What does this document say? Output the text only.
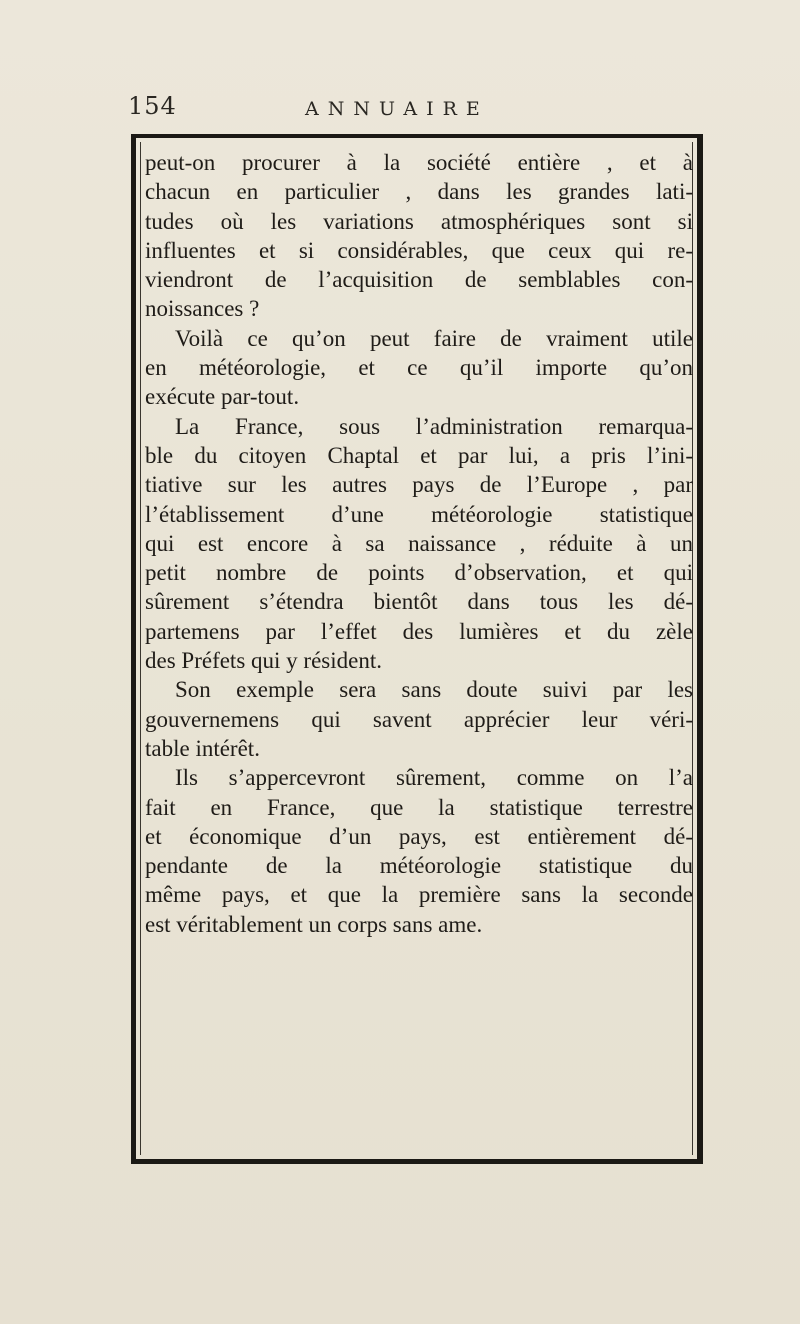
154	ANNUAIRE
peut-on procurer à la société entière , et à
chacun en particulier , dans les grandes lati-
tudes où les variations atmosphériques sont si
influentes et si considérables, que ceux qui re-
viendront de l’acquisition de semblables con-
noissances ?
Voilà ce qu’on peut faire de vraiment utile
en météorologie, et ce qu’il importe qu’on
exécute par-tout.
La France, sous l’administration remarqua-
ble du citoyen Chaptal et par lui, a pris l’ini-
tiative sur les autres pays de l’Europe , par
l’établissement d’une météorologie statistique
qui est encore à sa naissance , réduite à un
petit nombre de points d’observation, et qui
sûrement s’étendra bientôt dans tous les dé-
partemens par l’effet des lumières et du zèle
des Préfets qui y résident.
Son exemple sera sans doute suivi par les
gouvernemens qui savent apprécier leur véri-
table intérêt.
Ils s’appercevront sûrement, comme on l’a
fait en France, que la statistique terrestre
et économique d’un pays, est entièrement dé-
pendante de la météorologie statistique du
même pays, et que la première sans la seconde
est véritablement un corps sans ame.
